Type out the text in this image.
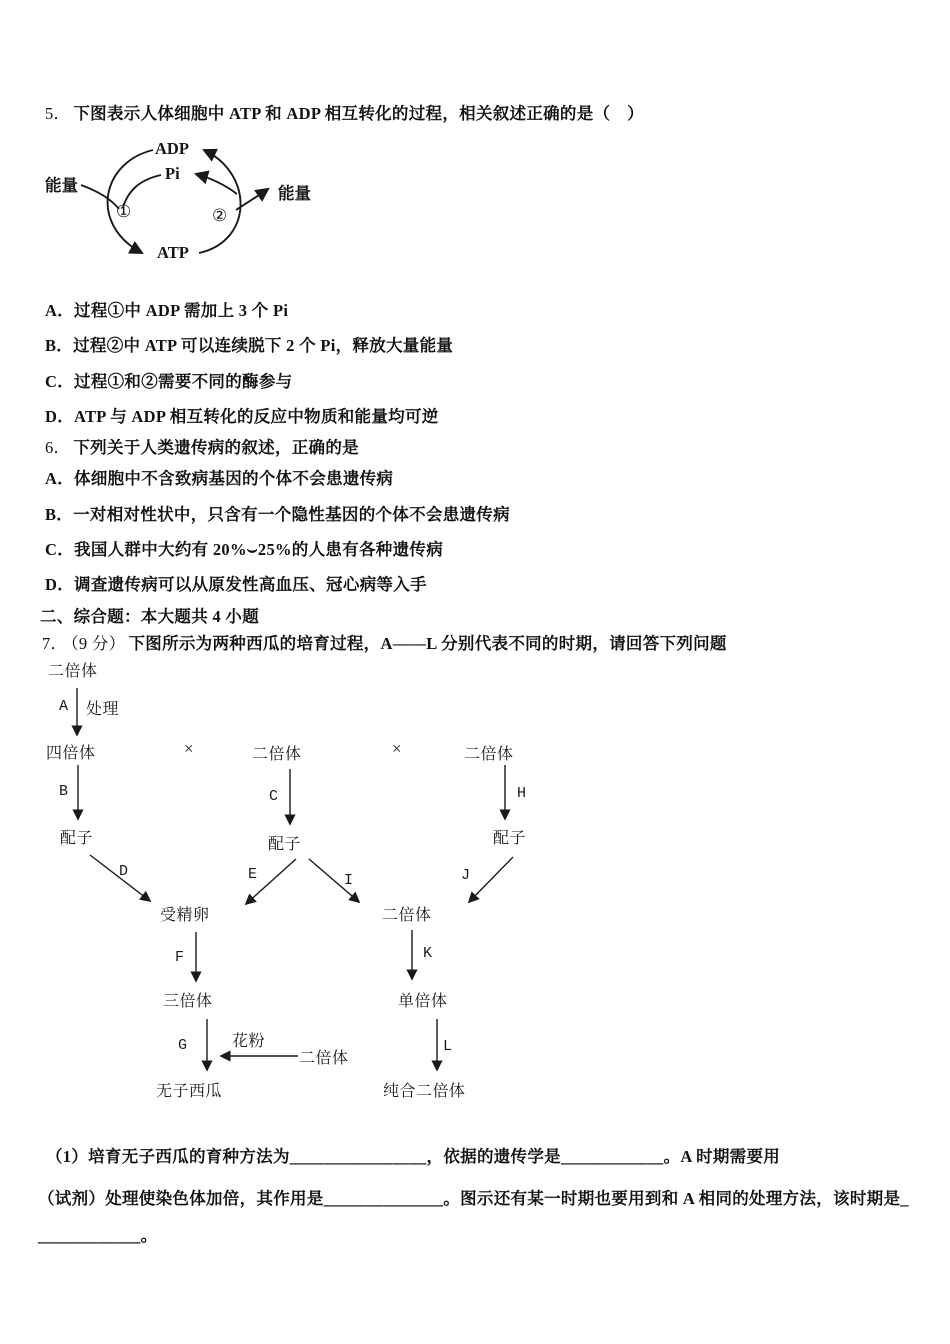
5． 下图表示人体细胞中 ATP 和 ADP 相互转化的过程，相关叙述正确的是（　）
ADP
Pi
能量	能量
①	②
ATP
A．过程①中 ADP 需加上 3 个 Pi
B．过程②中 ATP 可以连续脱下 2 个 Pi，释放大量能量
C．过程①和②需要不同的酶参与
D．ATP 与 ADP 相互转化的反应中物质和能量均可逆
6． 下列关于人类遗传病的叙述，正确的是
A．体细胞中不含致病基因的个体不会患遗传病
B．一对相对性状中，只含有一个隐性基因的个体不会患遗传病
C．我国人群中大约有 20%⌣25%的人患有各种遗传病
D．调查遗传病可以从原发性高血压、冠心病等入手
二、综合题：本大题共 4 小题
7． （9 分） 下图所示为两种西瓜的培育过程，A——L 分别代表不同的时期，请回答下列问题
二倍体
A 处理
四倍体	×	二倍体	×	二倍体
B	C	H
配子	配子	配子
D	E	I	J
受精卵	二倍体
F	K
三倍体	单倍体
G	花粉
二倍体
L
无子西瓜	纯合二倍体
（1）培育无子西瓜的育种方法为________________，依据的遗传学是____________。A 时期需要用
（试剂）处理使染色体加倍，其作用是______________。图示还有某一时期也要用到和 A 相同的处理方法，该时期是_
____________。
